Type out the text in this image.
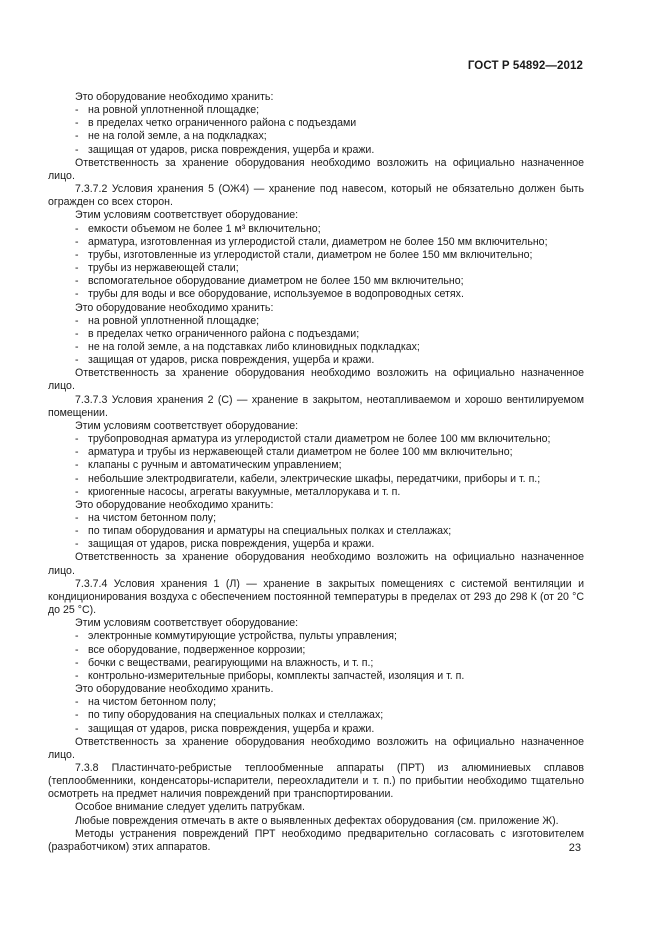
ГОСТ Р 54892—2012
Это оборудование необходимо хранить:
- на ровной уплотненной площадке;
- в пределах четко ограниченного района с подъездами
- не на голой земле, а на подкладках;
- защищая от ударов, риска повреждения, ущерба и кражи.
Ответственность за хранение оборудования необходимо возложить на официально назначенное лицо.
7.3.7.2 Условия хранения 5 (ОЖ4) — хранение под навесом, который не обязательно должен быть огражден со всех сторон.
Этим условиям соответствует оборудование:
- емкости объемом не более 1 м³ включительно;
- арматура, изготовленная из углеродистой стали, диаметром не более 150 мм включительно;
- трубы, изготовленные из углеродистой стали, диаметром не более 150 мм включительно;
- трубы из нержавеющей стали;
- вспомогательное оборудование диаметром не более 150 мм включительно;
- трубы для воды и все оборудование, используемое в водопроводных сетях.
Это оборудование необходимо хранить:
- на ровной уплотненной площадке;
- в пределах четко ограниченного района с подъездами;
- не на голой земле, а на подставках либо клиновидных подкладках;
- защищая от ударов, риска повреждения, ущерба и кражи.
Ответственность за хранение оборудования необходимо возложить на официально назначенное лицо.
7.3.7.3 Условия хранения 2 (С) — хранение в закрытом, неотапливаемом и хорошо вентилируемом помещении.
Этим условиям соответствует оборудование:
- трубопроводная арматура из углеродистой стали диаметром не более 100 мм включительно;
- арматура и трубы из нержавеющей стали диаметром не более 100 мм включительно;
- клапаны с ручным и автоматическим управлением;
- небольшие электродвигатели, кабели, электрические шкафы, передатчики, приборы и т. п.;
- криогенные насосы, агрегаты вакуумные, металлорукава и т. п.
Это оборудование необходимо хранить:
- на чистом бетонном полу;
- по типам оборудования и арматуры на специальных полках и стеллажах;
- защищая от ударов, риска повреждения, ущерба и кражи.
Ответственность за хранение оборудования необходимо возложить на официально назначенное лицо.
7.3.7.4 Условия хранения 1 (Л) — хранение в закрытых помещениях с системой вентиляции и кондиционирования воздуха с обеспечением постоянной температуры в пределах от 293 до 298 К (от 20 °С до 25 °С).
Этим условиям соответствует оборудование:
- электронные коммутирующие устройства, пульты управления;
- все оборудование, подверженное коррозии;
- бочки с веществами, реагирующими на влажность, и т. п.;
- контрольно-измерительные приборы, комплекты запчастей, изоляция и т. п.
Это оборудование необходимо хранить.
- на чистом бетонном полу;
- по типу оборудования на специальных полках и стеллажах;
- защищая от ударов, риска повреждения, ущерба и кражи.
Ответственность за хранение оборудования необходимо возложить на официально назначенное лицо.
7.3.8 Пластинчато-ребристые теплообменные аппараты (ПРТ) из алюминиевых сплавов (теплообменники, конденсаторы-испарители, переохладители и т. п.) по прибытии необходимо тщательно осмотреть на предмет наличия повреждений при транспортировании.
Особое внимание следует уделить патрубкам.
Любые повреждения отмечать в акте о выявленных дефектах оборудования (см. приложение Ж).
Методы устранения повреждений ПРТ необходимо предварительно согласовать с изготовителем (разработчиком) этих аппаратов.	23
